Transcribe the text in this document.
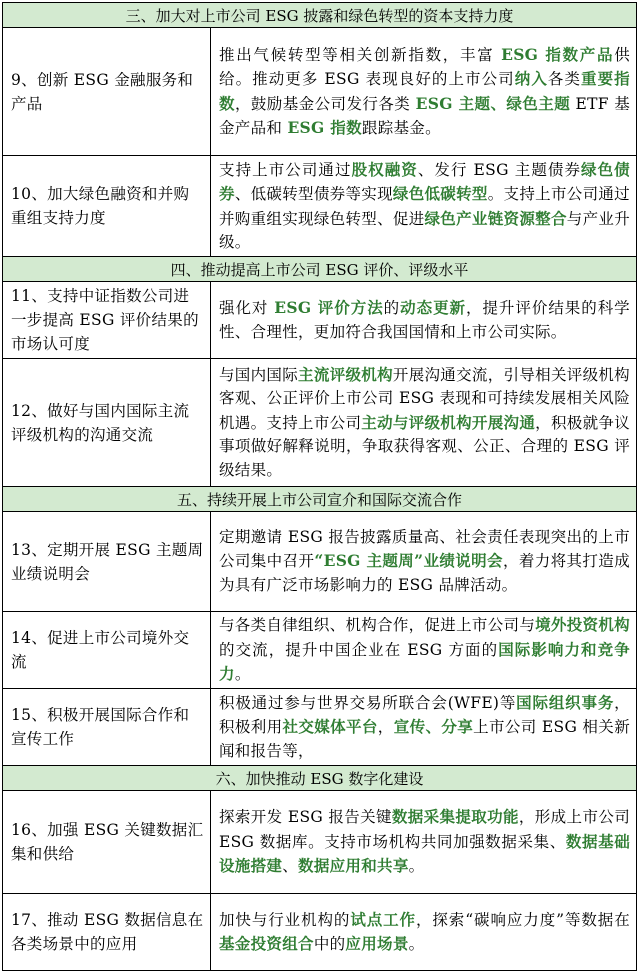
三、加大对上市公司 ESG 披露和绿色转型的资本支持力度
9、创新 ESG 金融服务和产品
推出气候转型等相关创新指数，丰富 ESG 指数产品供给。推动更多 ESG 表现良好的上市公司纳入各类重要指数，鼓励基金公司发行各类 ESG 主题、绿色主题 ETF 基金产品和 ESG 指数跟踪基金。
10、加大绿色融资和并购重组支持力度
支持上市公司通过股权融资、发行 ESG 主题债券绿色债券、低碳转型债券等实现绿色低碳转型。支持上市公司通过并购重组实现绿色转型、促进绿色产业链资源整合与产业升级。
四、推动提高上市公司 ESG 评价、评级水平
11、支持中证指数公司进一步提高 ESG 评价结果的市场认可度
强化对 ESG 评价方法的动态更新，提升评价结果的科学性、合理性，更加符合我国国情和上市公司实际。
12、做好与国内国际主流评级机构的沟通交流
与国内国际主流评级机构开展沟通交流，引导相关评级机构客观、公正评价上市公司 ESG 表现和可持续发展相关风险机遇。支持上市公司主动与评级机构开展沟通，积极就争议事项做好解释说明，争取获得客观、公正、合理的 ESG 评级结果。
五、持续开展上市公司宣介和国际交流合作
13、定期开展 ESG 主题周业绩说明会
定期邀请 ESG 报告披露质量高、社会责任表现突出的上市公司集中召开“ESG 主题周”业绩说明会，着力将其打造成为具有广泛市场影响力的 ESG 品牌活动。
14、促进上市公司境外交流
与各类自律组织、机构合作，促进上市公司与境外投资机构的交流，提升中国企业在 ESG 方面的国际影响力和竞争力。
15、积极开展国际合作和宣传工作
积极通过参与世界交易所联合会(WFE)等国际组织事务，积极利用社交媒体平台，宣传、分享上市公司 ESG 相关新闻和报告等，
六、加快推动 ESG 数字化建设
16、加强 ESG 关键数据汇集和供给
探索开发 ESG 报告关键数据采集提取功能，形成上市公司 ESG 数据库。支持市场机构共同加强数据采集、数据基础设施搭建、数据应用和共享。
17、推动 ESG 数据信息在各类场景中的应用
加快与行业机构的试点工作，探索“碳响应力度”等数据在基金投资组合中的应用场景。
